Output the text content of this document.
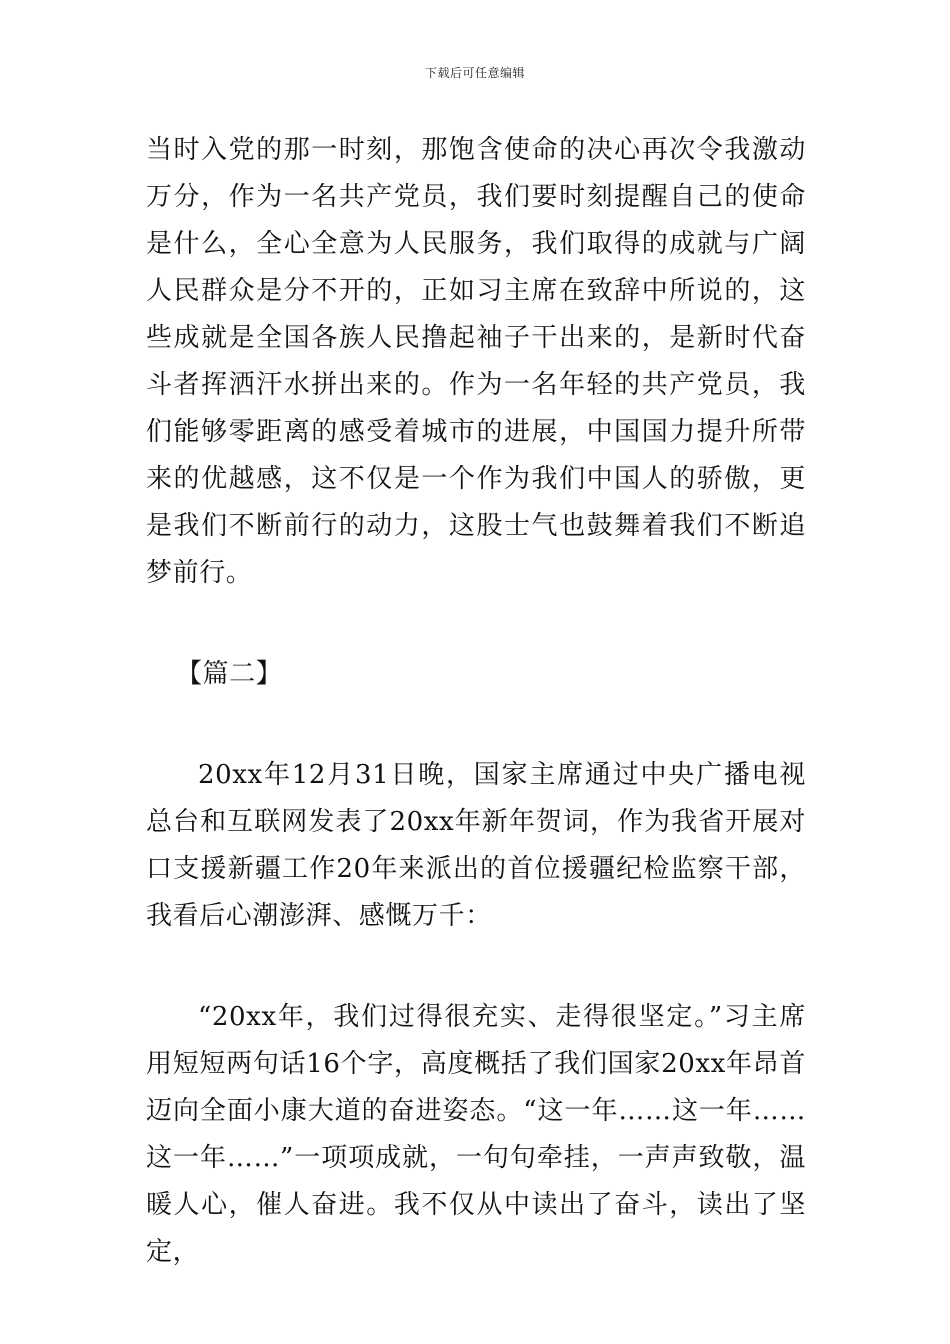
下载后可任意编辑

当时入党的那一时刻，那饱含使命的决心再次令我激动万分，作为一名共产党员，我们要时刻提醒自己的使命是什么，全心全意为人民服务，我们取得的成就与广阔人民群众是分不开的，正如习主席在致辞中所说的，这些成就是全国各族人民撸起袖子干出来的，是新时代奋斗者挥洒汗水拼出来的。作为一名年轻的共产党员，我们能够零距离的感受着城市的进展，中国国力提升所带来的优越感，这不仅是一个作为我们中国人的骄傲，更是我们不断前行的动力，这股士气也鼓舞着我们不断追梦前行。

【篇二】

20xx年12月31日晚，国家主席通过中央广播电视总台和互联网发表了20xx年新年贺词，作为我省开展对口支援新疆工作20年来派出的首位援疆纪检监察干部，我看后心潮澎湃、感慨万千：

“20xx年，我们过得很充实、走得很坚定。”习主席用短短两句话16个字，高度概括了我们国家20xx年昂首迈向全面小康大道的奋进姿态。“这一年……这一年……这一年……”一项项成就，一句句牵挂，一声声致敬，温暖人心，催人奋进。我不仅从中读出了奋斗，读出了坚定，
